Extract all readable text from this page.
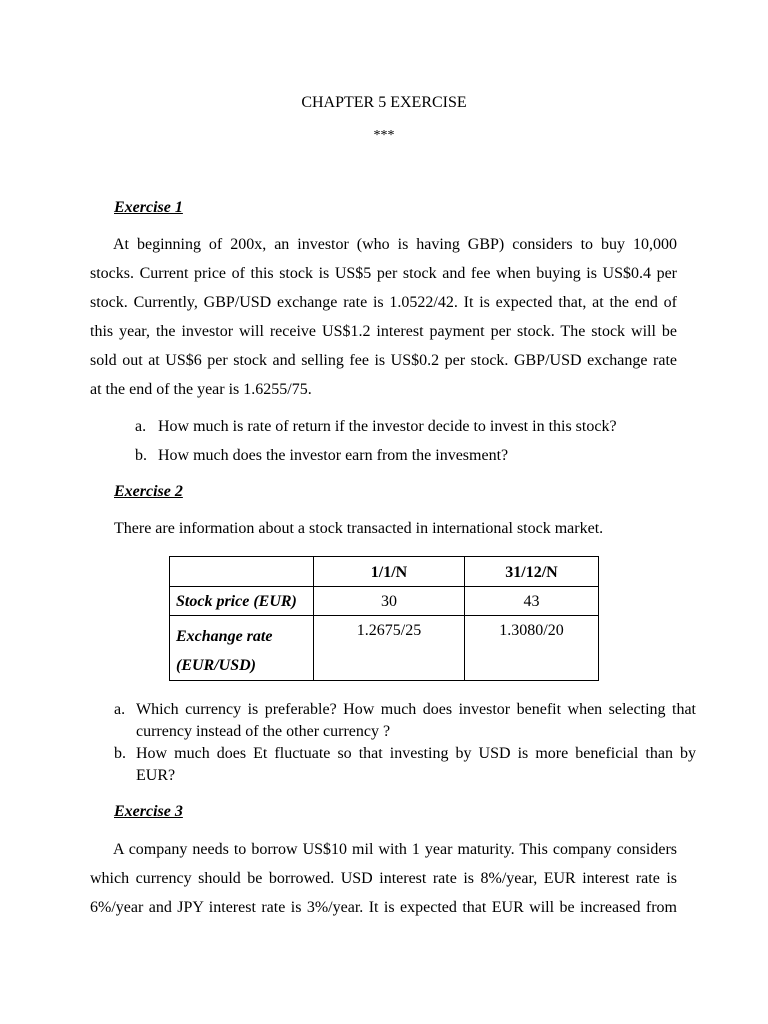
CHAPTER 5 EXERCISE
***
Exercise 1
At beginning of 200x, an investor (who is having GBP) considers to buy 10,000
stocks. Current price of this stock is US$5 per stock and fee when buying is US$0.4 per
stock. Currently, GBP/USD exchange rate is 1.0522/42. It is expected that, at the end of
this year, the investor will receive US$1.2 interest payment per stock. The stock will be
sold out at US$6 per stock and selling fee is US$0.2 per stock. GBP/USD exchange rate
at the end of the year is 1.6255/75.
a. How much is rate of return if the investor decide to invest in this stock?
b. How much does the investor earn from the invesment?
Exercise 2
There are information about a stock transacted in international stock market.
	1/1/N	31/12/N
Stock price (EUR)	30	43
Exchange rate (EUR/USD)	1.2675/25	1.3080/20
a. Which currency is preferable? How much does investor benefit when selecting that currency instead of the other currency ?
b. How much does Et fluctuate so that investing by USD is more beneficial than by EUR?
Exercise 3
A company needs to borrow US$10 mil with 1 year maturity. This company considers
which currency should be borrowed. USD interest rate is 8%/year, EUR interest rate is
6%/year and JPY interest rate is 3%/year. It is expected that EUR will be increased from
